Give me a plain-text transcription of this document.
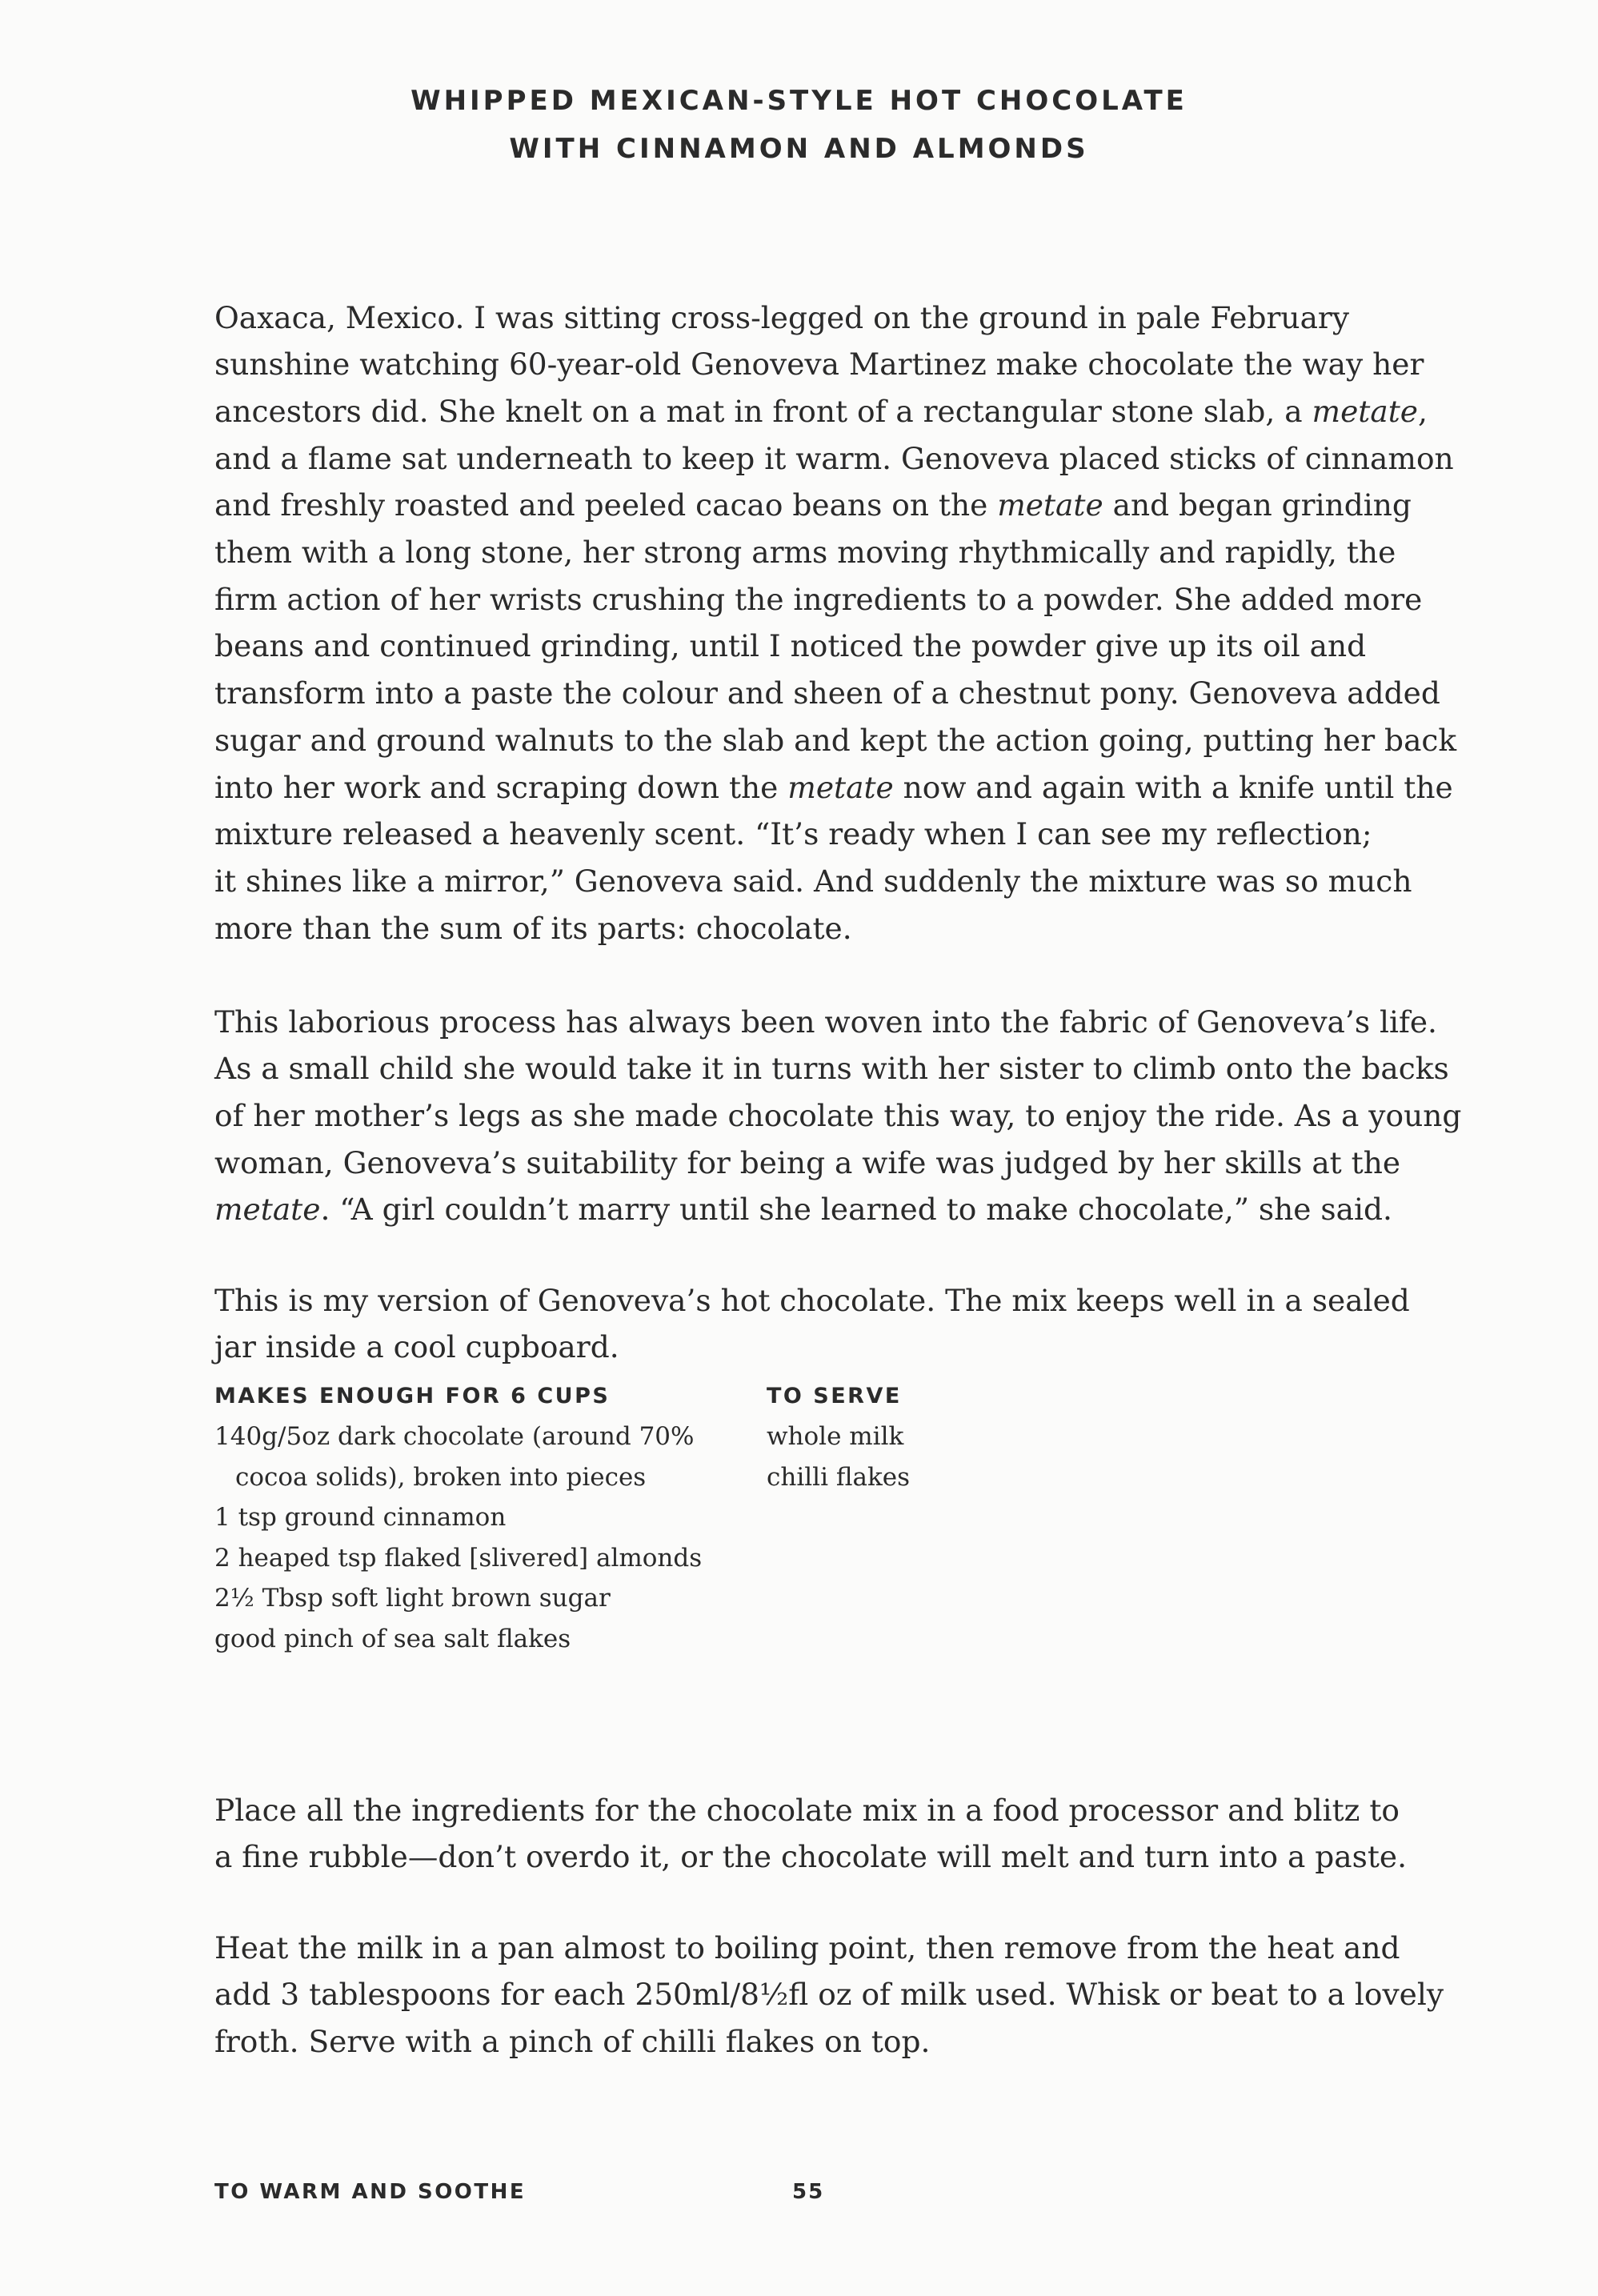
WHIPPED MEXICAN-STYLE HOT CHOCOLATE
WITH CINNAMON AND ALMONDS

Oaxaca, Mexico. I was sitting cross-legged on the ground in pale February
sunshine watching 60-year-old Genoveva Martinez make chocolate the way her
ancestors did. She knelt on a mat in front of a rectangular stone slab, a metate,
and a flame sat underneath to keep it warm. Genoveva placed sticks of cinnamon
and freshly roasted and peeled cacao beans on the metate and began grinding
them with a long stone, her strong arms moving rhythmically and rapidly, the
firm action of her wrists crushing the ingredients to a powder. She added more
beans and continued grinding, until I noticed the powder give up its oil and
transform into a paste the colour and sheen of a chestnut pony. Genoveva added
sugar and ground walnuts to the slab and kept the action going, putting her back
into her work and scraping down the metate now and again with a knife until the
mixture released a heavenly scent. “It’s ready when I can see my reflection;
it shines like a mirror,” Genoveva said. And suddenly the mixture was so much
more than the sum of its parts: chocolate.

This laborious process has always been woven into the fabric of Genoveva’s life.
As a small child she would take it in turns with her sister to climb onto the backs
of her mother’s legs as she made chocolate this way, to enjoy the ride. As a young
woman, Genoveva’s suitability for being a wife was judged by her skills at the
metate. “A girl couldn’t marry until she learned to make chocolate,” she said.

This is my version of Genoveva’s hot chocolate. The mix keeps well in a sealed
jar inside a cool cupboard.

MAKES ENOUGH FOR 6 CUPS
140g/5oz dark chocolate (around 70%
cocoa solids), broken into pieces
1 tsp ground cinnamon
2 heaped tsp flaked [slivered] almonds
2½ Tbsp soft light brown sugar
good pinch of sea salt flakes
TO SERVE
whole milk
chilli flakes

Place all the ingredients for the chocolate mix in a food processor and blitz to
a fine rubble—don’t overdo it, or the chocolate will melt and turn into a paste.

Heat the milk in a pan almost to boiling point, then remove from the heat and
add 3 tablespoons for each 250ml/8½fl oz of milk used. Whisk or beat to a lovely
froth. Serve with a pinch of chilli flakes on top.

TO WARM AND SOOTHE	55
